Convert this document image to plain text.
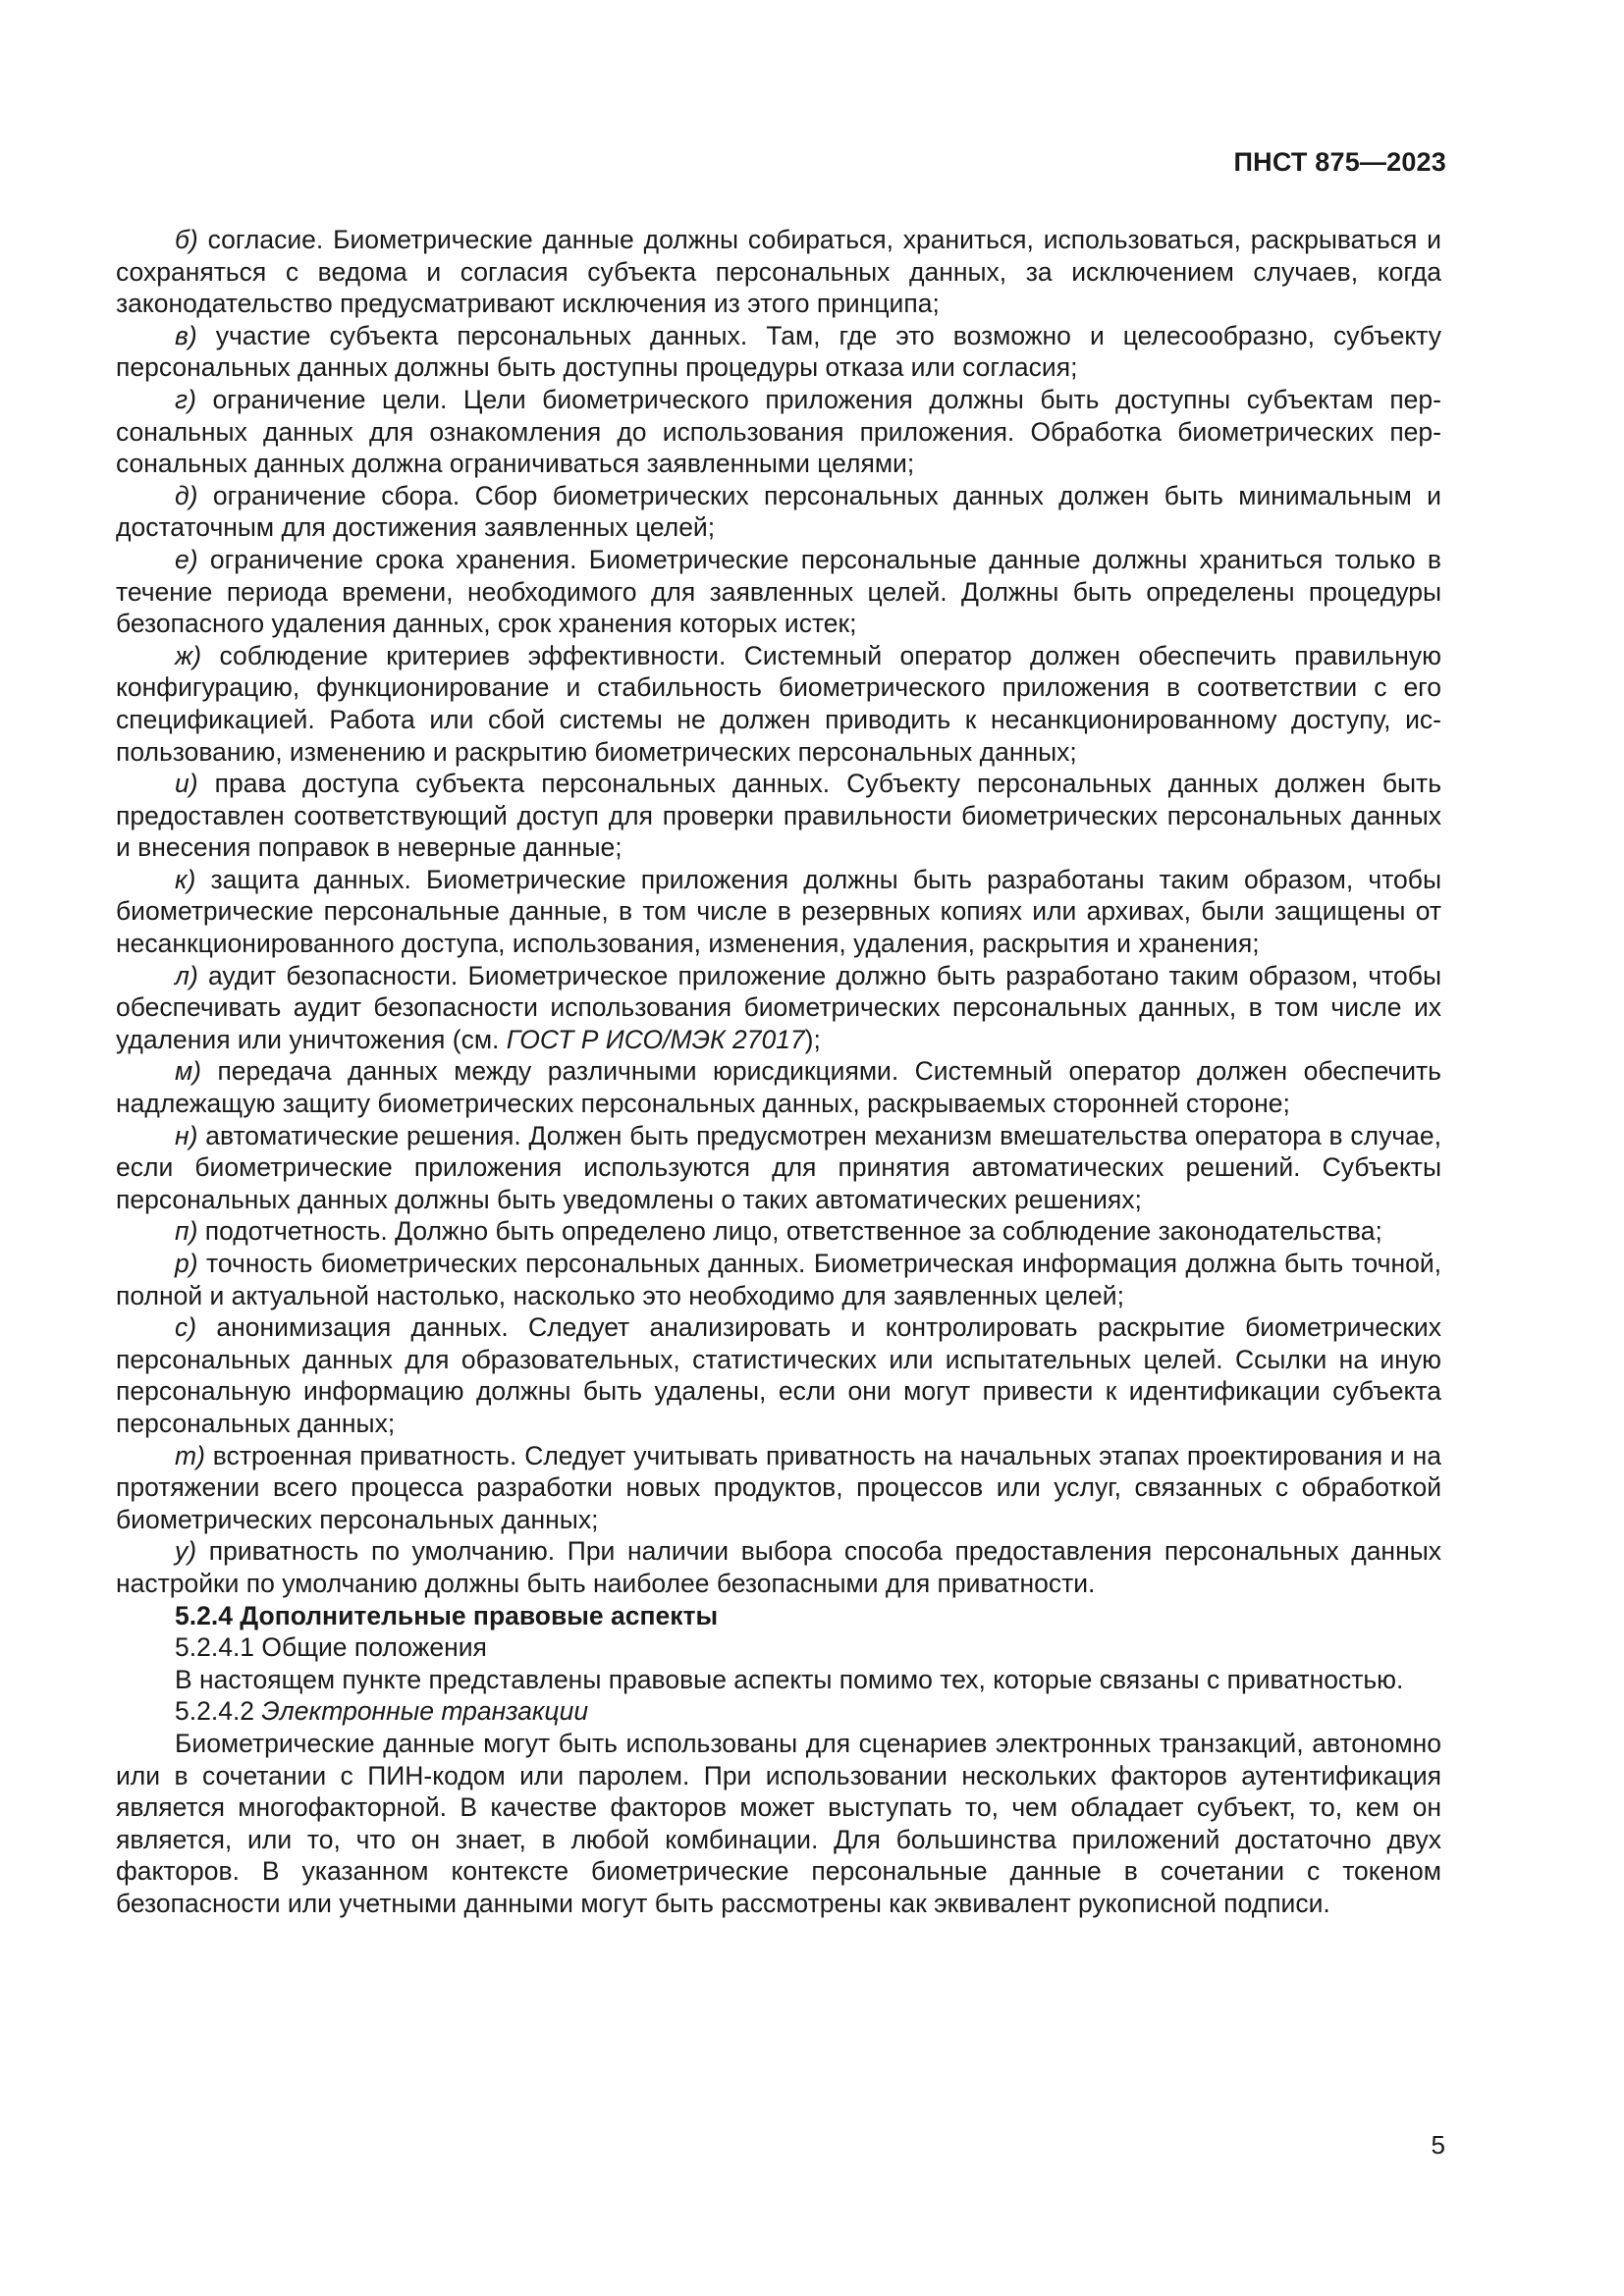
ПНСТ 875—2023

б) согласие. Биометрические данные должны собираться, храниться, использоваться, раскрываться и сохраняться с ведома и согласия субъекта персональных данных, за исключением случаев, когда законодательство предусматривают исключения из этого принципа;

в) участие субъекта персональных данных. Там, где это возможно и целесообразно, субъекту персональных данных должны быть доступны процедуры отказа или согласия;

г) ограничение цели. Цели биометрического приложения должны быть доступны субъектам персональных данных для ознакомления до использования приложения. Обработка биометрических персональных данных должна ограничиваться заявленными целями;

д) ограничение сбора. Сбор биометрических персональных данных должен быть минимальным и достаточным для достижения заявленных целей;

е) ограничение срока хранения. Биометрические персональные данные должны храниться только в течение периода времени, необходимого для заявленных целей. Должны быть определены процедуры безопасного удаления данных, срок хранения которых истек;

ж) соблюдение критериев эффективности. Системный оператор должен обеспечить правильную конфигурацию, функционирование и стабильность биометрического приложения в соответствии с его спецификацией. Работа или сбой системы не должен приводить к несанкционированному доступу, использованию, изменению и раскрытию биометрических персональных данных;

и) права доступа субъекта персональных данных. Субъекту персональных данных должен быть предоставлен соответствующий доступ для проверки правильности биометрических персональных данных и внесения поправок в неверные данные;

к) защита данных. Биометрические приложения должны быть разработаны таким образом, чтобы биометрические персональные данные, в том числе в резервных копиях или архивах, были защищены от несанкционированного доступа, использования, изменения, удаления, раскрытия и хранения;

л) аудит безопасности. Биометрическое приложение должно быть разработано таким образом, чтобы обеспечивать аудит безопасности использования биометрических персональных данных, в том числе их удаления или уничтожения (см. ГОСТ Р ИСО/МЭК 27017);

м) передача данных между различными юрисдикциями. Системный оператор должен обеспечить надлежащую защиту биометрических персональных данных, раскрываемых сторонней стороне;

н) автоматические решения. Должен быть предусмотрен механизм вмешательства оператора в случае, если биометрические приложения используются для принятия автоматических решений. Субъекты персональных данных должны быть уведомлены о таких автоматических решениях;

п) подотчетность. Должно быть определено лицо, ответственное за соблюдение законодательства;

р) точность биометрических персональных данных. Биометрическая информация должна быть точной, полной и актуальной настолько, насколько это необходимо для заявленных целей;

с) анонимизация данных. Следует анализировать и контролировать раскрытие биометрических персональных данных для образовательных, статистических или испытательных целей. Ссылки на иную персональную информацию должны быть удалены, если они могут привести к идентификации субъекта персональных данных;

т) встроенная приватность. Следует учитывать приватность на начальных этапах проектирования и на протяжении всего процесса разработки новых продуктов, процессов или услуг, связанных с обработкой биометрических персональных данных;

у) приватность по умолчанию. При наличии выбора способа предоставления персональных данных настройки по умолчанию должны быть наиболее безопасными для приватности.

5.2.4 Дополнительные правовые аспекты

5.2.4.1 Общие положения

В настоящем пункте представлены правовые аспекты помимо тех, которые связаны с приватностью.

5.2.4.2 Электронные транзакции

Биометрические данные могут быть использованы для сценариев электронных транзакций, автономно или в сочетании с ПИН-кодом или паролем. При использовании нескольких факторов аутентификация является многофакторной. В качестве факторов может выступать то, чем обладает субъект, то, кем он является, или то, что он знает, в любой комбинации. Для большинства приложений достаточно двух факторов. В указанном контексте биометрические персональные данные в сочетании с токеном безопасности или учетными данными могут быть рассмотрены как эквивалент рукописной подписи.

5
